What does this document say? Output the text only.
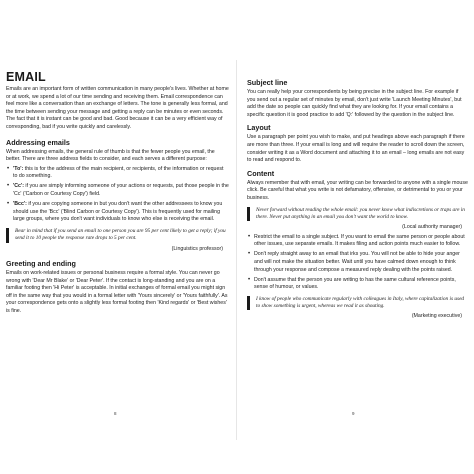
EMAIL

Emails are an important form of written communication in many people's lives. Whether at home or at work, we spend a lot of our time sending and receiving them. Email correspondence can feel more like a conversation than an exchange of letters. The tone is generally less formal, and the time between sending your message and getting a reply can be minutes or even seconds. The fact that it is instant can be good and bad. Good because it can be a very efficient way of corresponding, bad if you write quickly and carelessly.

Addressing emails

When addressing emails, the general rule of thumb is that the fewer people you email, the better. There are three address fields to consider, and each serves a different purpose:

• 'To': this is for the address of the main recipient, or recipients, of the information or request to do something.
• 'Cc': if you are simply informing someone of your actions or requests, put those people in the 'Cc' ('Carbon or Courtesy Copy') field.
• 'Bcc': if you are copying someone in but you don't want the other addressees to know you should use the 'Bcc' ('Blind Carbon or Courtesy Copy'). This is frequently used for mailing large groups, where you don't want individuals to know who else is receiving the email.

Bear in mind that if you send an email to one person you are 95 per cent likely to get a reply; if you send it to 10 people the response rate drops to 5 per cent.

(Linguistics professor)

Greeting and ending

Emails on work-related issues or personal business require a formal style. You can never go wrong with 'Dear Mr Blake' or 'Dear Peter'. If the contact is long-standing and you are on a familiar footing then 'Hi Peter' is acceptable. In initial exchanges of formal email you might sign off in the same way that you would in a formal letter with 'Yours sincerely' or 'Yours faithfully'. As your correspondence gets onto a slightly less formal footing then 'Kind regards' or 'Best wishes' is fine.

8
Subject line

You can really help your correspondents by being precise in the subject line. For example if you send out a regular set of minutes by email, don't just write 'Launch Meeting Minutes', but add the date so people can quickly find what they are looking for. If your email contains a specific question it is good practice to add 'Q:' followed by the question in the subject line.

Layout

Use a paragraph per point you wish to make, and put headings above each paragraph if there are more than three. If your email is long and will require the reader to scroll down the screen, consider writing it as a Word document and attaching it to an email – long emails are not easy to read and respond to.

Content

Always remember that with email, your writing can be forwarded to anyone with a single mouse click. Be careful that what you write is not defamatory, offensive, or detrimental to you or your business.

Never forward without reading the whole email: you never know what indiscretions or traps are in there. Never put anything in an email you don't want the world to know.

(Local authority manager)

• Restrict the email to a single subject. If you want to email the same person or people about other issues, use separate emails. It makes filing and action points much easier to follow.
• Don't reply straight away to an email that irks you. You will not be able to hide your anger and will not make the situation better. Wait until you have calmed down enough to think through your response and compose a measured reply dealing with the points raised.
• Don't assume that the person you are writing to has the same cultural reference points, sense of humour, or values.

I know of people who communicate regularly with colleagues in Italy, where capitalization is used to show something is urgent, whereas we read it as shouting.

(Marketing executive)

9
